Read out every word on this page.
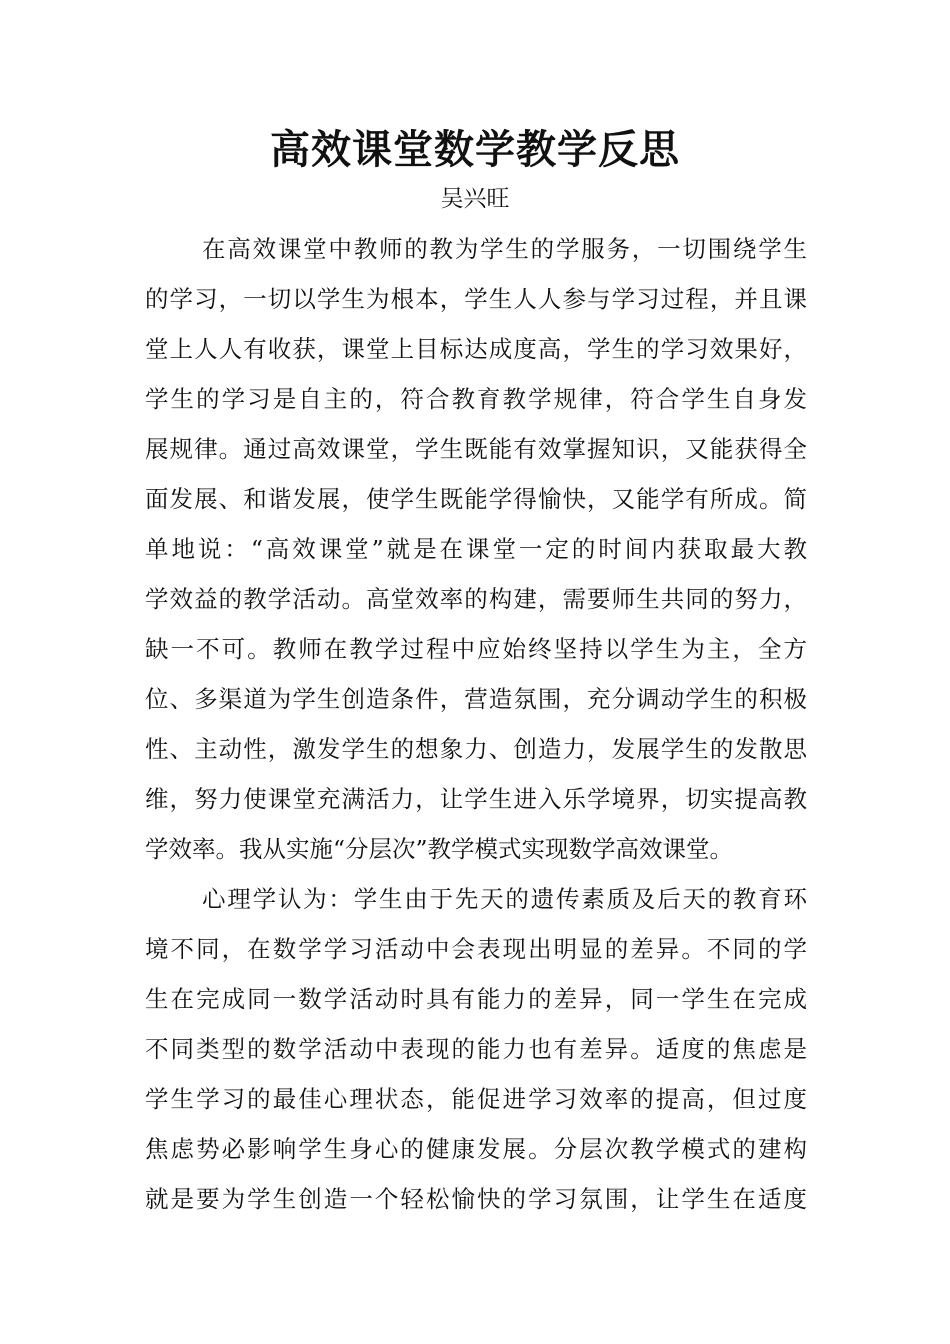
高效课堂数学教学反思
吴兴旺
在高效课堂中教师的教为学生的学服务，一切围绕学生
的学习，一切以学生为根本，学生人人参与学习过程，并且课
堂上人人有收获，课堂上目标达成度高，学生的学习效果好，
学生的学习是自主的，符合教育教学规律，符合学生自身发
展规律。通过高效课堂，学生既能有效掌握知识，又能获得全
面发展、和谐发展，使学生既能学得愉快，又能学有所成。简
单地说：“高效课堂”就是在课堂一定的时间内获取最大教
学效益的教学活动。高堂效率的构建，需要师生共同的努力，
缺一不可。教师在教学过程中应始终坚持以学生为主，全方
位、多渠道为学生创造条件，营造氛围，充分调动学生的积极
性、主动性，激发学生的想象力、创造力，发展学生的发散思
维，努力使课堂充满活力，让学生进入乐学境界，切实提高教
学效率。我从实施“分层次”教学模式实现数学高效课堂。
心理学认为：学生由于先天的遗传素质及后天的教育环
境不同，在数学学习活动中会表现出明显的差异。不同的学
生在完成同一数学活动时具有能力的差异，同一学生在完成
不同类型的数学活动中表现的能力也有差异。适度的焦虑是
学生学习的最佳心理状态，能促进学习效率的提高，但过度
焦虑势必影响学生身心的健康发展。分层次教学模式的建构
就是要为学生创造一个轻松愉快的学习氛围，让学生在适度
